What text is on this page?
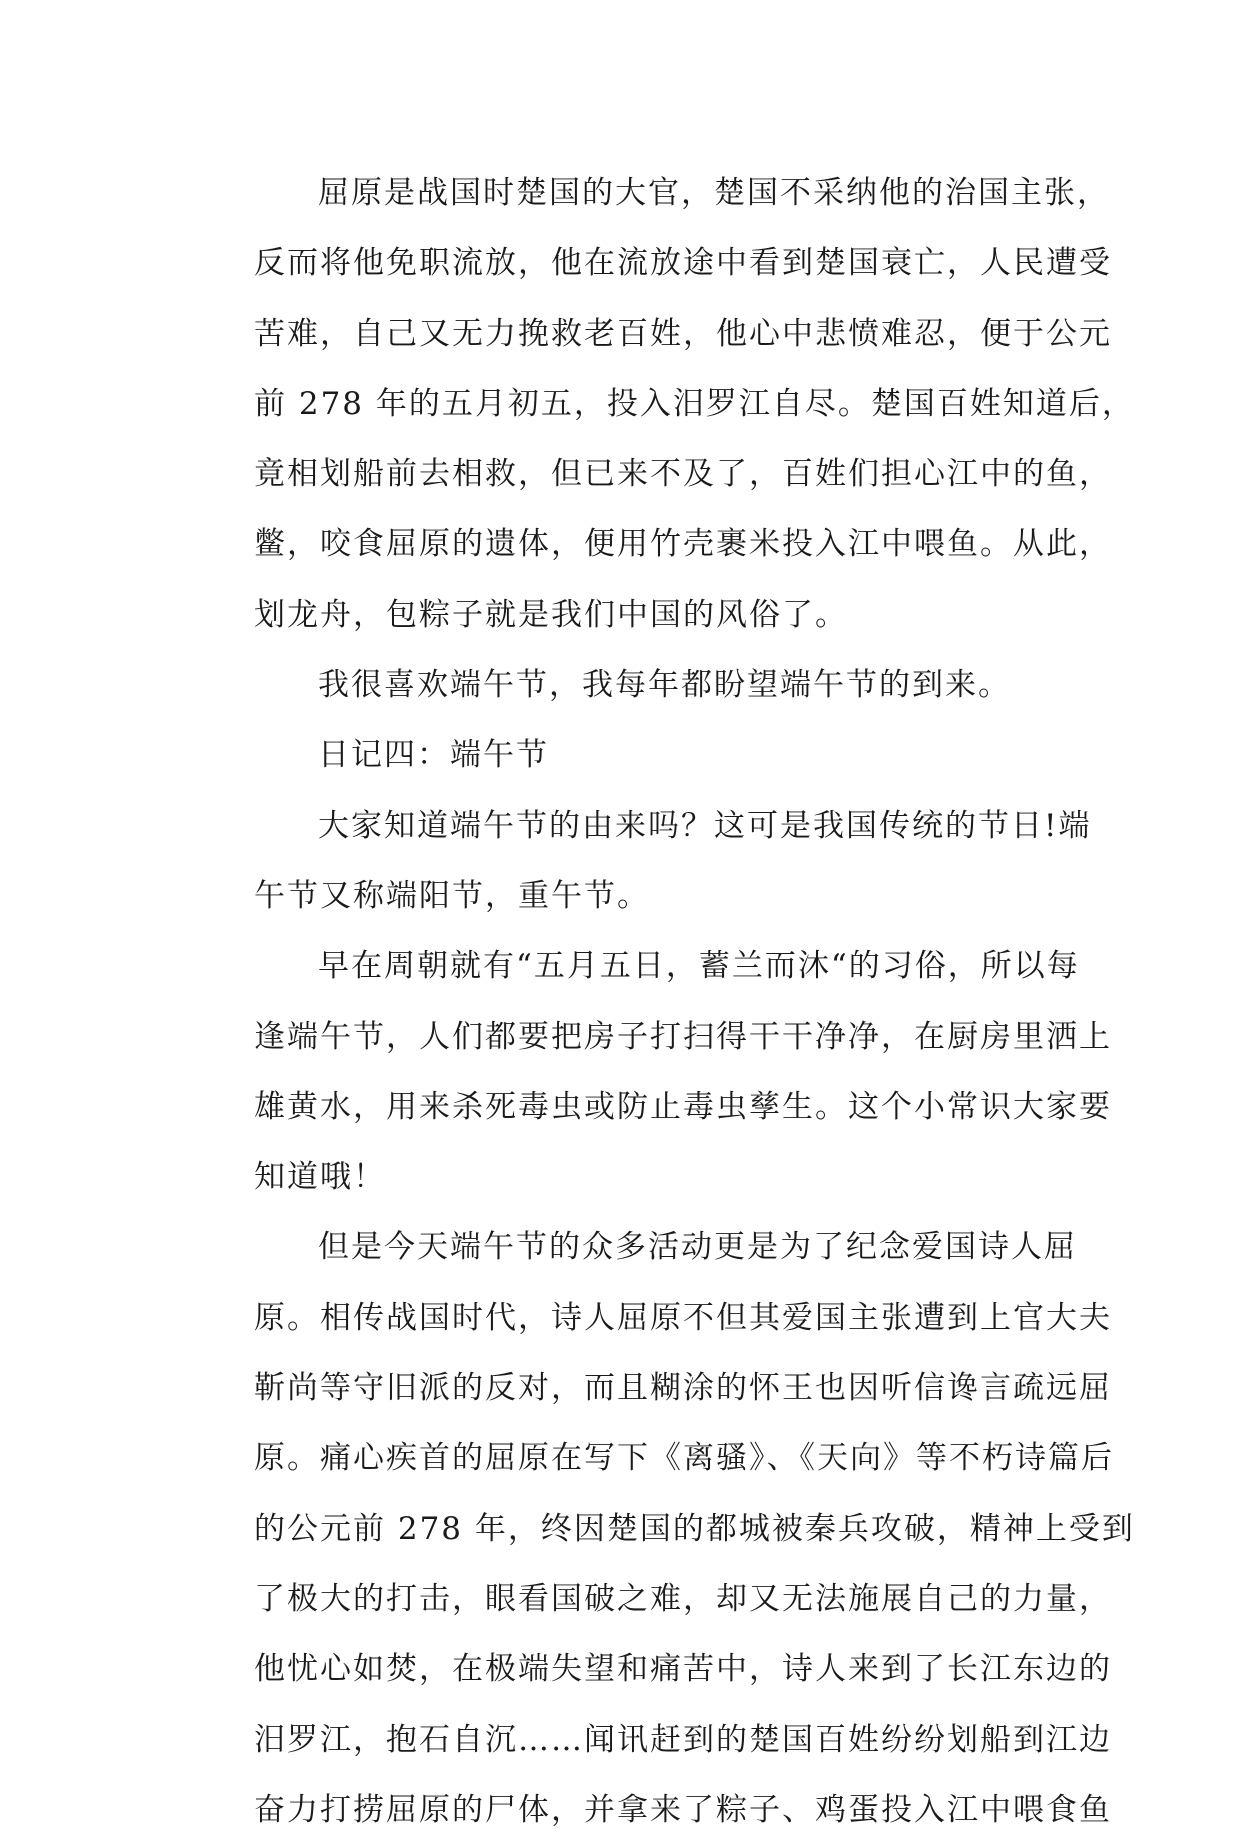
屈原是战国时楚国的大官，楚国不采纳他的治国主张，
反而将他免职流放，他在流放途中看到楚国衰亡，人民遭受
苦难，自己又无力挽救老百姓，他心中悲愤难忍，便于公元
前 278 年的五月初五，投入汨罗江自尽。楚国百姓知道后，
竟相划船前去相救，但已来不及了，百姓们担心江中的鱼，
鳖，咬食屈原的遗体，便用竹壳裹米投入江中喂鱼。从此，
划龙舟，包粽子就是我们中国的风俗了。
我很喜欢端午节，我每年都盼望端午节的到来。
日记四：端午节
大家知道端午节的由来吗？这可是我国传统的节日!端
午节又称端阳节，重午节。
早在周朝就有“五月五日，蓄兰而沐“的习俗，所以每
逢端午节，人们都要把房子打扫得干干净净，在厨房里洒上
雄黄水，用来杀死毒虫或防止毒虫孳生。这个小常识大家要
知道哦！
但是今天端午节的众多活动更是为了纪念爱国诗人屈
原。相传战国时代，诗人屈原不但其爱国主张遭到上官大夫
靳尚等守旧派的反对，而且糊涂的怀王也因听信谗言疏远屈
原。痛心疾首的屈原在写下《离骚》、《天向》等不朽诗篇后
的公元前 278 年，终因楚国的都城被秦兵攻破，精神上受到
了极大的打击，眼看国破之难，却又无法施展自己的力量，
他忧心如焚，在极端失望和痛苦中，诗人来到了长江东边的
汨罗江，抱石自沉……闻讯赶到的楚国百姓纷纷划船到江边
奋力打捞屈原的尸体，并拿来了粽子、鸡蛋投入江中喂食鱼
